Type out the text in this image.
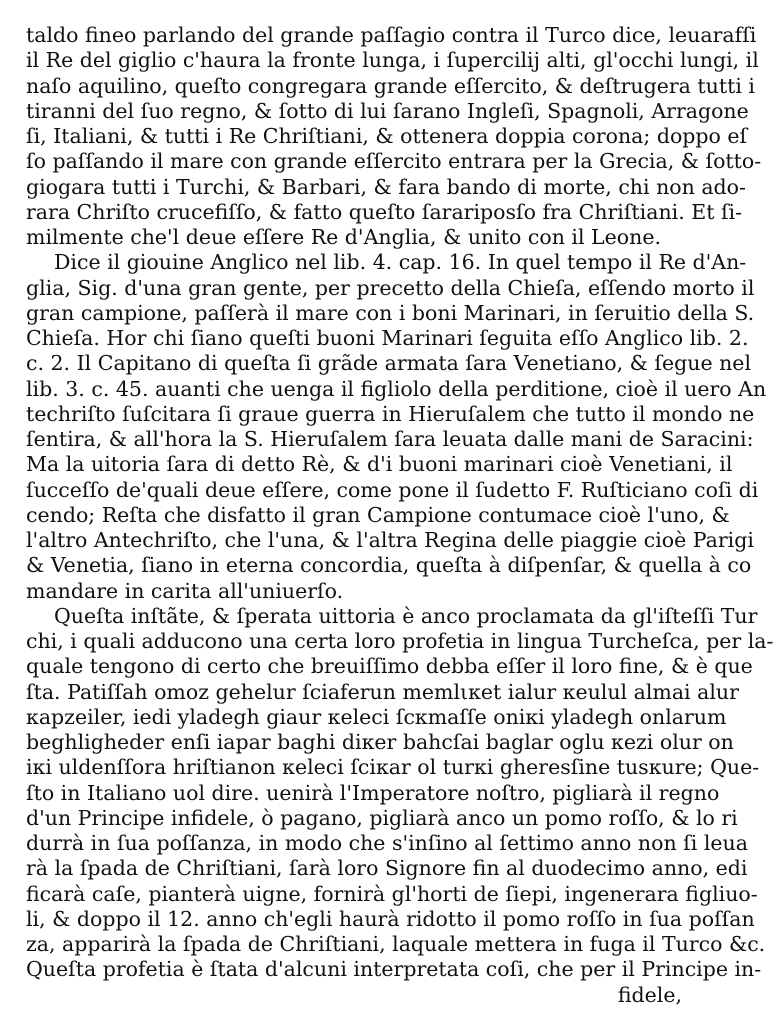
taldo fineo parlando del grande paſſagio contra il Turco dice, leuarafſi
il Re del giglio c'haura la fronte lunga, i ſupercilij alti, gl'occhi lungi, il
naſo aquilino, queſto congregara grande eſſercito, & deſtrugera tutti i
tiranni del ſuo regno, & ſotto di lui ſarano Ingleſi, Spagnoli, Arragone
ſi, Italiani, & tutti i Re Chriſtiani, & ottenera doppia corona; doppo eſ
ſo paſſando il mare con grande eſſercito entrara per la Grecia, & ſotto-
giogara tutti i Turchi, & Barbari, & fara bando di morte, chi non ado-
rara Chriſto crucefiſſo, & fatto queſto ſarariposſo fra Chriſtiani. Et ſi-
milmente che'l deue eſſere Re d'Anglia, & unito con il Leone.
Dice il giouine Anglico nel lib. 4. cap. 16. In quel tempo il Re d'An-
glia, Sig. d'una gran gente, per precetto della Chieſa, eſſendo morto il
gran campione, paſſerà il mare con i boni Marinari, in ſeruitio della S.
Chieſa. Hor chi ſiano queſti buoni Marinari ſeguita eſſo Anglico lib. 2.
c. 2. Il Capitano di queſta ſi grãde armata ſara Venetiano, & ſegue nel
lib. 3. c. 45. auanti che uenga il figliolo della perditione, cioè il uero An
techriſto ſuſcitara ſi graue guerra in Hieruſalem che tutto il mondo ne
ſentira, & all'hora la S. Hieruſalem ſara leuata dalle mani de Saracini:
Ma la uitoria ſara di detto Rè, & d'i buoni marinari cioè Venetiani, il
ſucceſſo de'quali deue eſſere, come pone il ſudetto F. Ruſticiano coſi di
cendo; Reſta che disfatto il gran Campione contumace cioè l'uno, &
l'altro Antechriſto, che l'una, & l'altra Regina delle piaggie cioè Parigi
& Venetia, ſiano in eterna concordia, queſta à diſpenſar, & quella à co
mandare in carita all'uniuerſo.
Queſta inſtãte, & ſperata uittoria è anco proclamata da gl'iſteſſi Tur
chi, i quali adducono una certa loro profetia in lingua Turcheſca, per la-
quale tengono di certo che breuiſſimo debba eſſer il loro fine, & è que
ſta. Patiſſah omoz gehelur ſciaferun memlικet ialur κeulul almai alur
κapzeiler, iedi yladegh giaur κeleci ſcκmaſſe oniκi yladegh onlarum
beghligheder enſi iapar baghi diκer bahcſai baglar oglu κezi olur on
iκi uldenſſora hriſtianon κeleci ſciκar ol turκi gheresſine tusκure; Que-
ſto in Italiano uol dire. uenirà l'Imperatore noſtro, pigliarà il regno
d'un Principe infidele, ò pagano, pigliarà anco un pomo roſſo, & lo ri
durrà in ſua poſſanza, in modo che s'inſino al ſettimo anno non ſi leua
rà la ſpada de Chriſtiani, ſarà loro Signore fin al duodecimo anno, edi
ficarà caſe, pianterà uigne, fornirà gl'horti de ſiepi, ingenerara figliuo-
li, & doppo il 12. anno ch'egli haurà ridotto il pomo roſſo in ſua poſſan
za, apparirà la ſpada de Chriſtiani, laquale mettera in fuga il Turco &c.
Queſta profetia è ſtata d'alcuni interpretata coſi, che per il Principe in-
fidele,
